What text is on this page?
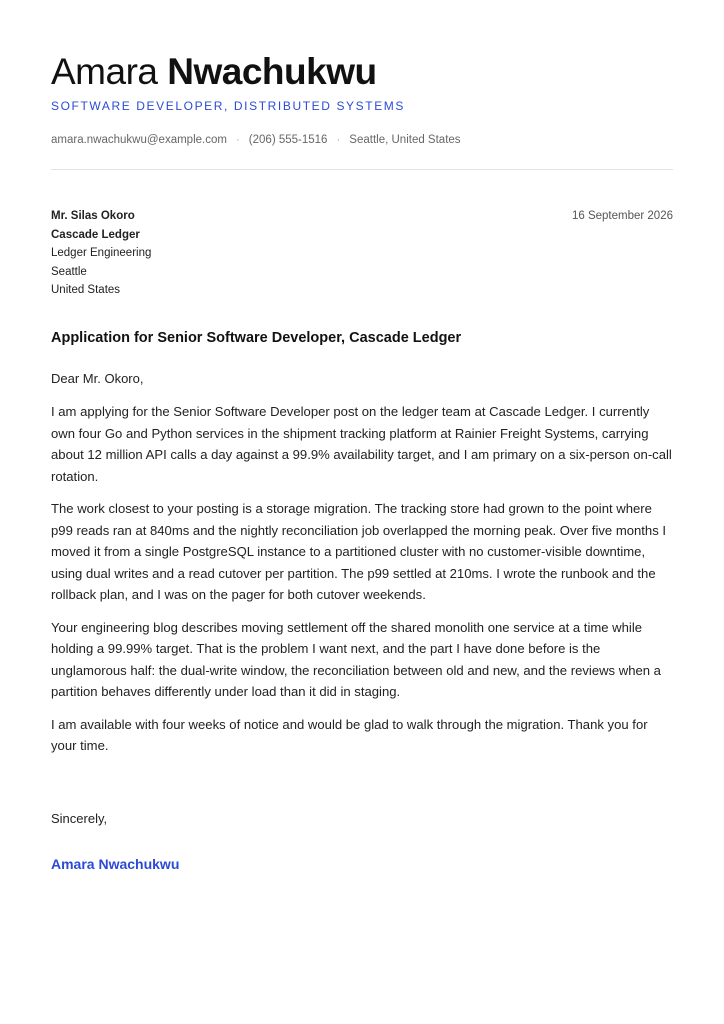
Amara Nwachukwu
SOFTWARE DEVELOPER, DISTRIBUTED SYSTEMS
amara.nwachukwu@example.com · (206) 555-1516 · Seattle, United States
Mr. Silas Okoro
Cascade Ledger
Ledger Engineering
Seattle
United States
16 September 2026
Application for Senior Software Developer, Cascade Ledger
Dear Mr. Okoro,

I am applying for the Senior Software Developer post on the ledger team at Cascade Ledger. I currently own four Go and Python services in the shipment tracking platform at Rainier Freight Systems, carrying about 12 million API calls a day against a 99.9% availability target, and I am primary on a six-person on-call rotation.

The work closest to your posting is a storage migration. The tracking store had grown to the point where p99 reads ran at 840ms and the nightly reconciliation job overlapped the morning peak. Over five months I moved it from a single PostgreSQL instance to a partitioned cluster with no customer-visible downtime, using dual writes and a read cutover per partition. The p99 settled at 210ms. I wrote the runbook and the rollback plan, and I was on the pager for both cutover weekends.

Your engineering blog describes moving settlement off the shared monolith one service at a time while holding a 99.99% target. That is the problem I want next, and the part I have done before is the unglamorous half: the dual-write window, the reconciliation between old and new, and the reviews when a partition behaves differently under load than it did in staging.

I am available with four weeks of notice and would be glad to walk through the migration. Thank you for your time.

Sincerely,
Amara Nwachukwu
